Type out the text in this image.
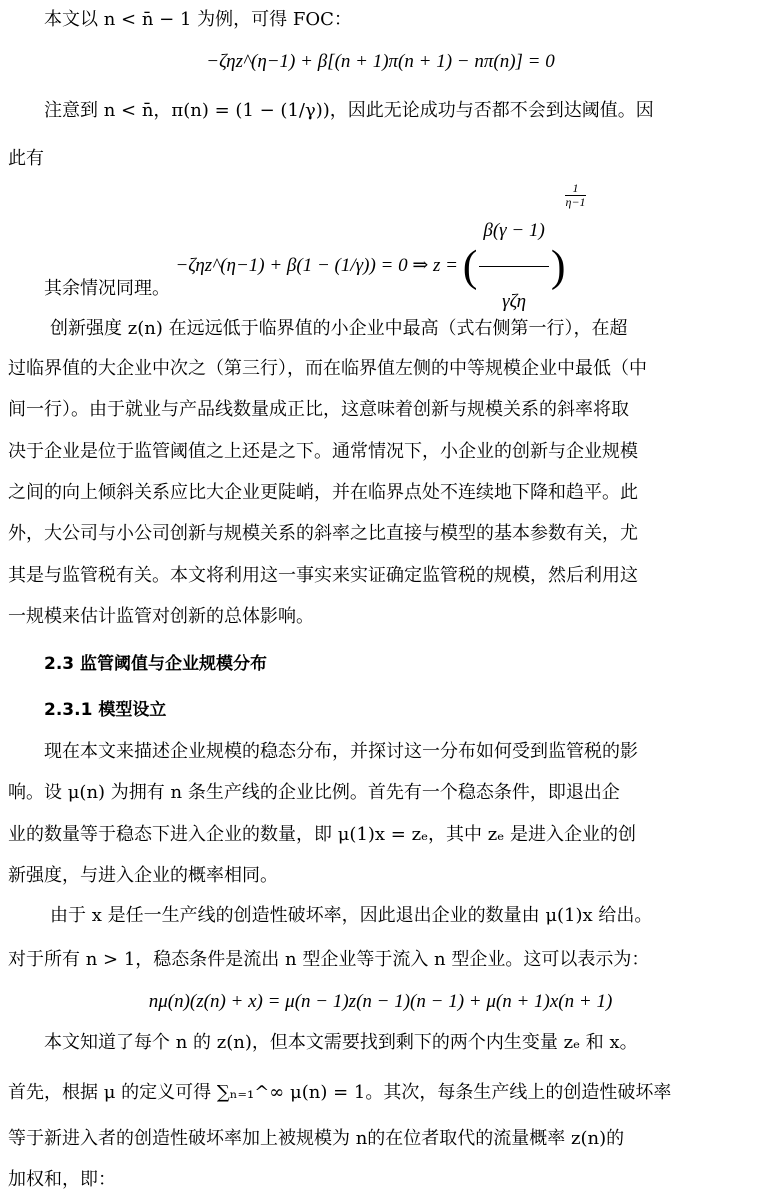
本文以 n < n̄ − 1 为例，可得 FOC：
−ζηz^(η−1) + β[(n + 1)π(n + 1) − nπ(n)] = 0
注意到 n < n̄，π(n) = (1 − (1/γ))，因此无论成功与否都不会到达阈值。因
此有
−ζηz^(η−1) + β(1 − (1/γ)) = 0 ⇒ z = ( $\frac{\beta(\gamma - 1)}{\text{γζη}}$ )
$\frac{1}{\eta-1}$
其余情况同理。
创新强度 z(n) 在远远低于临界值的小企业中最高（式右侧第一行），在超
过临界值的大企业中次之（第三行），而在临界值左侧的中等规模企业中最低（中
间一行）。由于就业与产品线数量成正比，这意味着创新与规模关系的斜率将取
决于企业是位于监管阈值之上还是之下。通常情况下，小企业的创新与企业规模
之间的向上倾斜关系应比大企业更陡峭，并在临界点处不连续地下降和趋平。此
外，大公司与小公司创新与规模关系的斜率之比直接与模型的基本参数有关，尤
其是与监管税有关。本文将利用这一事实来实证确定监管税的规模，然后利用这
一规模来估计监管对创新的总体影响。
2.3 监管阈值与企业规模分布
2.3.1 模型设立
现在本文来描述企业规模的稳态分布，并探讨这一分布如何受到监管税的影
响。设 μ(n) 为拥有 n 条生产线的企业比例。首先有一个稳态条件，即退出企
业的数量等于稳态下进入企业的数量，即 μ(1)x = zₑ，其中 zₑ 是进入企业的创
新强度，与进入企业的概率相同。
由于 x 是任一生产线的创造性破坏率，因此退出企业的数量由 μ(1)x 给出。
对于所有 n > 1，稳态条件是流出 n 型企业等于流入 n 型企业。这可以表示为：
nμ(n)(z(n) + x) = μ(n − 1)z(n − 1)(n − 1) + μ(n + 1)x(n + 1)
本文知道了每个 n 的 z(n)，但本文需要找到剩下的两个内生变量 zₑ 和 x。
首先，根据 μ 的定义可得 ∑ₙ₌₁^∞ μ(n) = 1。其次，每条生产线上的创造性破坏率
等于新进入者的创造性破坏率加上被规模为 n的在位者取代的流量概率 z(n)的
加权和，即：
